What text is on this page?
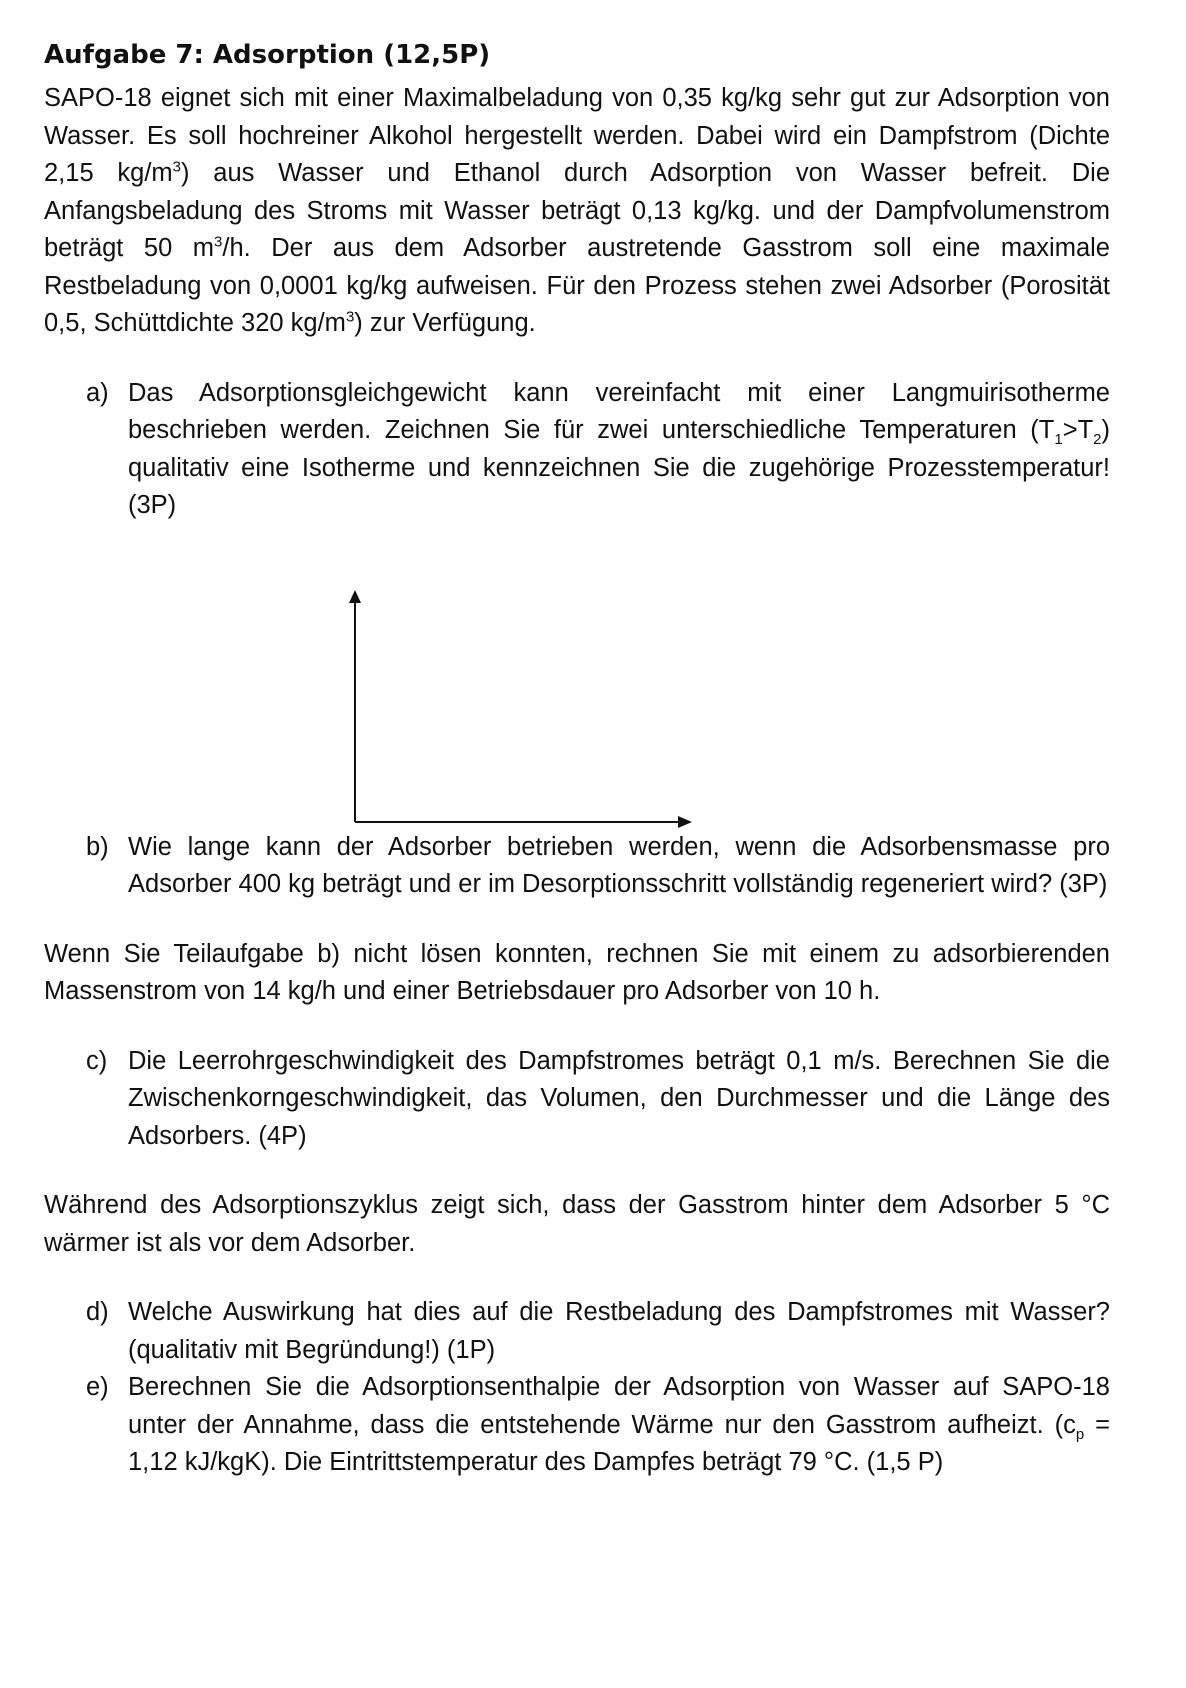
Aufgabe 7: Adsorption (12,5P)

SAPO-18 eignet sich mit einer Maximalbeladung von 0,35 kg/kg sehr gut zur Adsorption von Wasser. Es soll hochreiner Alkohol hergestellt werden. Dabei wird ein Dampfstrom (Dichte 2,15 $kg/m^3$) aus Wasser und Ethanol durch Adsorption von Wasser befreit. Die Anfangsbeladung des Stroms mit Wasser beträgt 0,13 kg/kg. und der Dampfvolumenstrom beträgt 50 $m^3/h$. Der aus dem Adsorber austretende Gasstrom soll eine maximale Restbeladung von 0,0001 kg/kg aufweisen. Für den Prozess stehen zwei Adsorber (Porosität 0,5, Schüttdichte 320 $kg/m^3$) zur Verfügung.

a) Das Adsorptionsgleichgewicht kann vereinfacht mit einer Langmuirisotherme beschrieben werden. Zeichnen Sie für zwei unterschiedliche Temperaturen $(T_1>T_2)$ qualitativ eine Isotherme und kennzeichnen Sie die zugehörige Prozesstemperatur! (3P)
b) Wie lange kann der Adsorber betrieben werden, wenn die Adsorbensmasse pro Adsorber 400 kg beträgt und er im Desorptionsschritt vollständig regeneriert wird? (3P)

Wenn Sie Teilaufgabe b) nicht lösen konnten, rechnen Sie mit einem zu adsorbierenden Massenstrom von 14 kg/h und einer Betriebsdauer pro Adsorber von 10 h.

c) Die Leerrohrgeschwindigkeit des Dampfstromes beträgt 0,1 m/s. Berechnen Sie die Zwischenkorngeschwindigkeit, das Volumen, den Durchmesser und die Länge des Adsorbers. (4P)

Während des Adsorptionszyklus zeigt sich, dass der Gasstrom hinter dem Adsorber 5 °C wärmer ist als vor dem Adsorber.

d) Welche Auswirkung hat dies auf die Restbeladung des Dampfstromes mit Wasser? (qualitativ mit Begründung!) (1P)
e) Berechnen Sie die Adsorptionsenthalpie der Adsorption von Wasser auf SAPO-18 unter der Annahme, dass die entstehende Wärme nur den Gasstrom aufheizt. ($c_p = 1,12$ kJ/kgK). Die Eintrittstemperatur des Dampfes beträgt 79 °C. (1,5 P)
